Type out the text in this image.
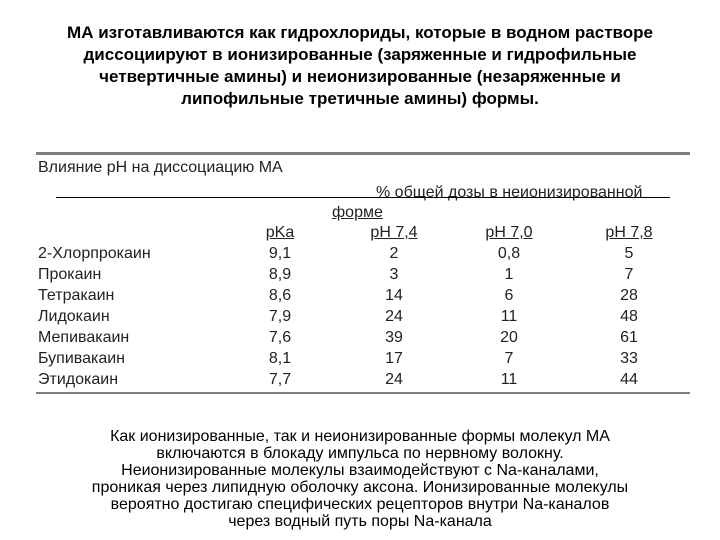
МА изготавливаются как гидрохлориды, которые в водном растворе

диссоциируют в ионизированные (заряженные и гидрофильные

четвертичные амины) и неионизированные (незаряженные и

липофильные третичные амины) формы.

Влияние pH на диссоциацию МА
% общей дозы в неионизированной
форме
	pKa	pH 7,4	pH 7,0	pH 7,8
2-Хлорпрокаин	9,1	2	0,8	5
Прокаин	8,9	3	1	7
Тетракаин	8,6	14	6	28
Лидокаин	7,9	24	11	48
Мепивакаин	7,6	39	20	61
Бупивакаин	8,1	17	7	33
Этидокаин	7,7	24	11	44

Как ионизированные, так и неионизированные формы молекул МА

включаются в блокаду импульса по нервному волокну.

Неионизированные молекулы взаимодействуют с Na-каналами,

проникая через липидную оболочку аксона. Ионизированные молекулы

вероятно достигаю специфических рецепторов внутри Na-каналов

через водный путь поры Na-канала
